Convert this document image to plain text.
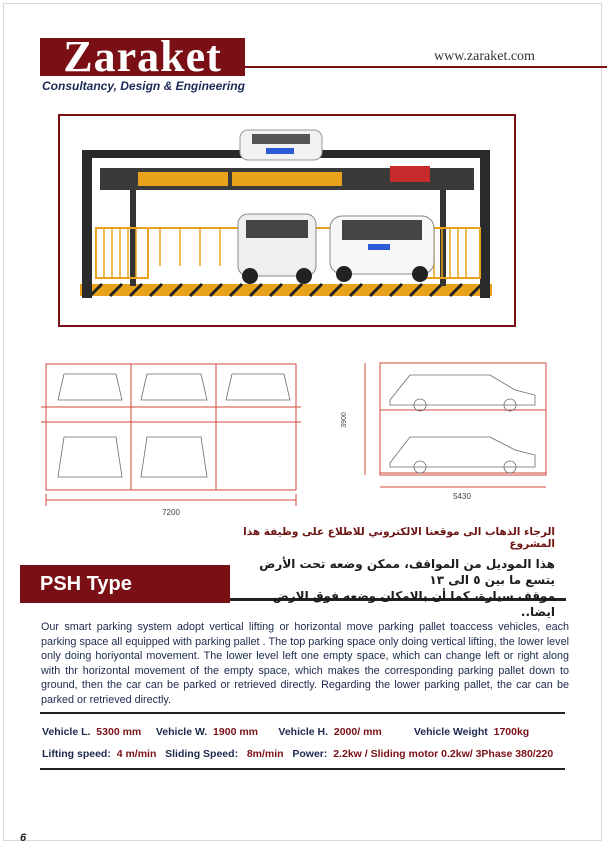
Zaraket ®
www.zaraket.com
Consultancy, Design & Engineering
7200
3900
5430
الرجاء الذهاب الى موقعنا الالكتروني للاطلاع على وظيفة هذا المشروع
PSH Type
هذا الموديل من المواقف، ممكن وضعه تحت الأرض يتسع ما بين ٥ الى ١٣
موقف سيارة، كما أن بالامكان وضعه فوق الارض ايضا..
Our smart parking system adopt vertical lifting or horizontal move parking pallet toaccess vehicles, each parking space all equipped with parking pallet . The top parking space only doing vertical lifting, the lower level only doing horiyontal movement. The lower level left one empty space, which can change left or right along with thr horizontal movement of the empty space, which makes the corresponding parking pallet down to ground, then the car can be parked or retrieved directly. Regarding the lower parking pallet, the car can be parked or retrieved directly.
Vehicle L. 5300 mm Vehicle W. 1900 mm Vehicle H. 2000/ mm	Vehicle Weight 1700kg
Lifting speed: 4 m/min Sliding Speed: 8m/min Power: 2.2kw / Sliding motor 0.2kw/ 3Phase 380/220
6
